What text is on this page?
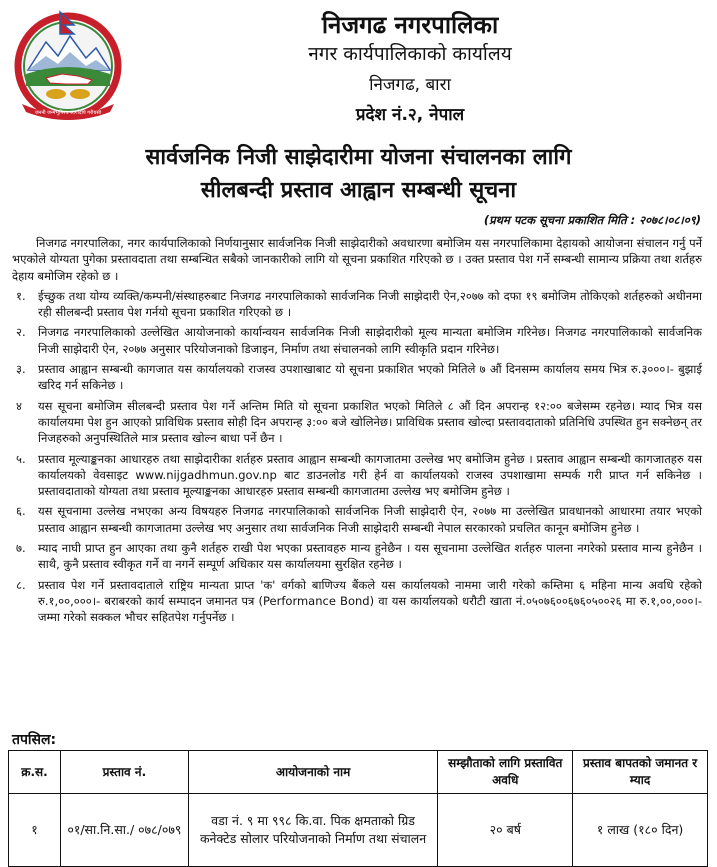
जननी जन्मभूमिश्च स्वर्गादपि गरीयसी
निजगढ नगरपालिका
नगर कार्यपालिकाको कार्यालय
निजगढ, बारा
प्रदेश नं.२, नेपाल
सार्वजनिक निजी साझेदारीमा योजना संचालनका लागि
सीलबन्दी प्रस्ताव आह्वान सम्बन्धी सूचना
(प्रथम पटक सूचना प्रकाशित मिति : २०७८।०८।०९)

निजगढ नगरपालिका, नगर कार्यपालिकाको निर्णयानुसार सार्वजनिक निजी साझेदारीको अवधारणा बमोजिम यस नगरपालिकामा देहायको आयोजना संचालन गर्नु पर्ने भएकोले योग्यता पुगेका प्रस्तावदाता तथा सम्बन्धित सबैको जानकारीको लागि यो सूचना प्रकाशित गरिएको छ । उक्त प्रस्ताव पेश गर्ने सम्बन्धी सामान्य प्रक्रिया तथा शर्तहरु देहाय बमोजिम रहेको छ ।

१. ईच्छुक तथा योग्य व्यक्ति/कम्पनी/संस्थाहरुबाट निजगढ नगरपालिकाको सार्वजनिक निजी साझेदारी ऐन,२०७७ को दफा १९ बमोजिम तोकिएको शर्तहरुको अधीनमा रही सीलबन्दी प्रस्ताव पेश गर्नयो सूचना प्रकाशित गरिएको छ ।
२. निजगढ नगरपालिकाको उल्लेखित आयोजनाको कार्यान्वयन सार्वजनिक निजी साझेदारीको मूल्य मान्यता बमोजिम गरिनेछ। निजगढ नगरपालिकाको सार्वजनिक निजी साझेदारी ऐन, २०७७ अनुसार परियोजनाको डिजाइन, निर्माण तथा संचालनको लागि स्वीकृति प्रदान गरिनेछ।
३. प्रस्ताव आह्वान सम्बन्धी कागजात यस कार्यालयको राजस्व उपशाखाबाट यो सूचना प्रकाशित भएको मितिले ७ औं दिनसम्म कार्यालय समय भित्र रु.३०००।- बुझाई खरिद गर्न सकिनेछ ।
४ यस सूचना बमोजिम सीलबन्दी प्रस्ताव पेश गर्ने अन्तिम मिति यो सूचना प्रकाशित भएको मितिले ८ औं दिन अपरान्ह १२:०० बजेसम्म रहनेछ। म्याद भित्र यस कार्यालयमा पेश हुन आएको प्राविधिक प्रस्ताव सोही दिन अपरान्ह ३:०० बजे खोलिनेछ। प्राविधिक प्रस्ताव खोल्दा प्रस्तावदाताको प्रतिनिधि उपस्थित हुन सक्नेछन् तर निजहरुको अनुपस्थितिले मात्र प्रस्ताव खोल्न बाधा पर्ने छैन ।
५. प्रस्ताव मूल्याङ्कनका आधारहरु तथा साझेदारीका शर्तहरु प्रस्ताव आह्वान सम्बन्धी कागजातमा उल्लेख भए बमोजिम हुनेछ । प्रस्ताव आह्वान सम्बन्धी कागजातहरु यस कार्यालयको वेवसाइट www.nijgadhmun.gov.np बाट डाउनलोड गरी हेर्न वा कार्यालयको राजस्व उपशाखामा सम्पर्क गरी प्राप्त गर्न सकिनेछ । प्रस्तावदाताको योग्यता तथा प्रस्ताव मूल्याङ्कनका आधारहरु प्रस्ताव सम्बन्धी कागजातमा उल्लेख भए बमोजिम हुनेछ ।
६. यस सूचनामा उल्लेख नभएका अन्य विषयहरु निजगढ नगरपालिकाको सार्वजनिक निजी साझेदारी ऐन, २०७७ मा उल्लेखित प्रावधानको आधारमा तयार भएको प्रस्ताव आह्वान सम्बन्धी कागजातमा उल्लेख भए अनुसार तथा सार्वजनिक निजी साझेदारी सम्बन्धी नेपाल सरकारको प्रचलित कानून बमोजिम हुनेछ ।
७. म्याद नाघी प्राप्त हुन आएका तथा कुनै शर्तहरु राखी पेश भएका प्रस्तावहरु मान्य हुनेछैन । यस सूचनामा उल्लेखित शर्तहरु पालना नगरेको प्रस्ताव मान्य हुनेछैन । साथै, कुनै प्रस्ताव स्वीकृत गर्ने वा नगर्ने सम्पूर्ण अधिकार यस कार्यालयमा सुरक्षित रहनेछ ।
८. प्रस्ताव पेश गर्ने प्रस्तावदाताले राष्ट्रिय मान्यता प्राप्त 'क' वर्गको बाणिज्य बैंकले यस कार्यालयको नाममा जारी गरेको कम्तिमा ६ महिना मान्य अवधि रहेको रु.१,००,०००।- बराबरको कार्य सम्पादन जमानत पत्र (Performance Bond) वा यस कार्यालयको धरौटी खाता नं.०५०७६००६७६०५००२६ मा रु.१,००,०००।- जम्मा गरेको सक्कल भौचर सहितपेश गर्नुपर्नेछ ।
तपसिल:
क्र.स.	प्रस्ताव नं.	आयोजनाको नाम	सम्झौताको लागि प्रस्तावित अवधि	प्रस्ताव बापतको जमानत र म्याद
१	०१/सा.नि.सा./ ०७८/०७९	वडा नं. ९ मा ९९८ कि.वा. पिक क्षमताको ग्रिड कनेक्टेड सोलार परियोजनाको निर्माण तथा संचालन	२० बर्ष	१ लाख (१८० दिन)
